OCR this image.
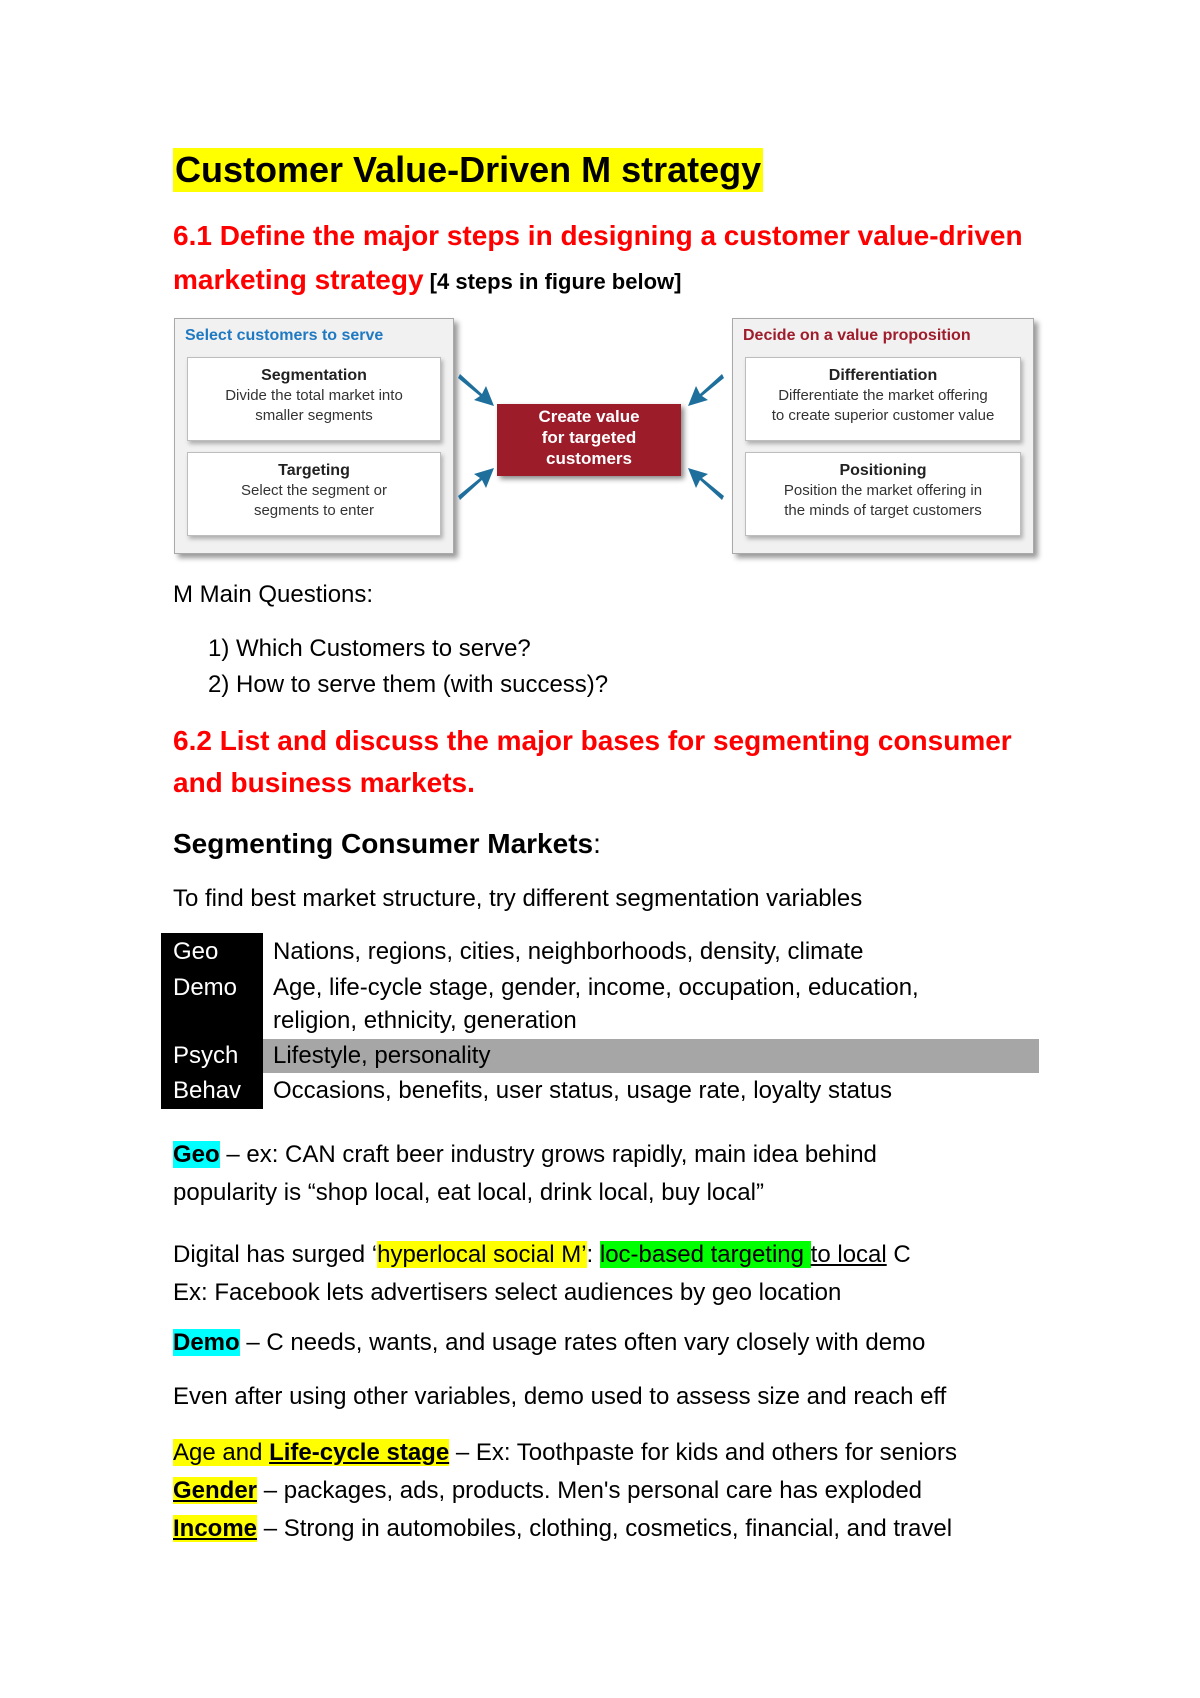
Customer Value-Driven M strategy
6.1 Define the major steps in designing a customer value-driven
marketing strategy [4 steps in figure below]
Select customers to serve
Segmentation
Divide the total market into
smaller segments
Targeting
Select the segment or
segments to enter
Create value
for targeted
customers
Decide on a value proposition
Differentiation
Differentiate the market offering
to create superior customer value
Positioning
Position the market offering in
the minds of target customers
M Main Questions:
1) Which Customers to serve?
2) How to serve them (with success)?
6.2 List and discuss the major bases for segmenting consumer
and business markets.
Segmenting Consumer Markets:
To find best market structure, try different segmentation variables
Geo	Nations, regions, cities, neighborhoods, density, climate
Demo	Age, life-cycle stage, gender, income, occupation, education,
religion, ethnicity, generation
Psych	Lifestyle, personality
Behav	Occasions, benefits, user status, usage rate, loyalty status
Geo – ex: CAN craft beer industry grows rapidly, main idea behind
popularity is “shop local, eat local, drink local, buy local”
Digital has surged ‘hyperlocal social M’: loc-based targeting to local C
Ex: Facebook lets advertisers select audiences by geo location
Demo – C needs, wants, and usage rates often vary closely with demo
Even after using other variables, demo used to assess size and reach eff
Age and Life-cycle stage – Ex: Toothpaste for kids and others for seniors
Gender – packages, ads, products. Men's personal care has exploded
Income – Strong in automobiles, clothing, cosmetics, financial, and travel
